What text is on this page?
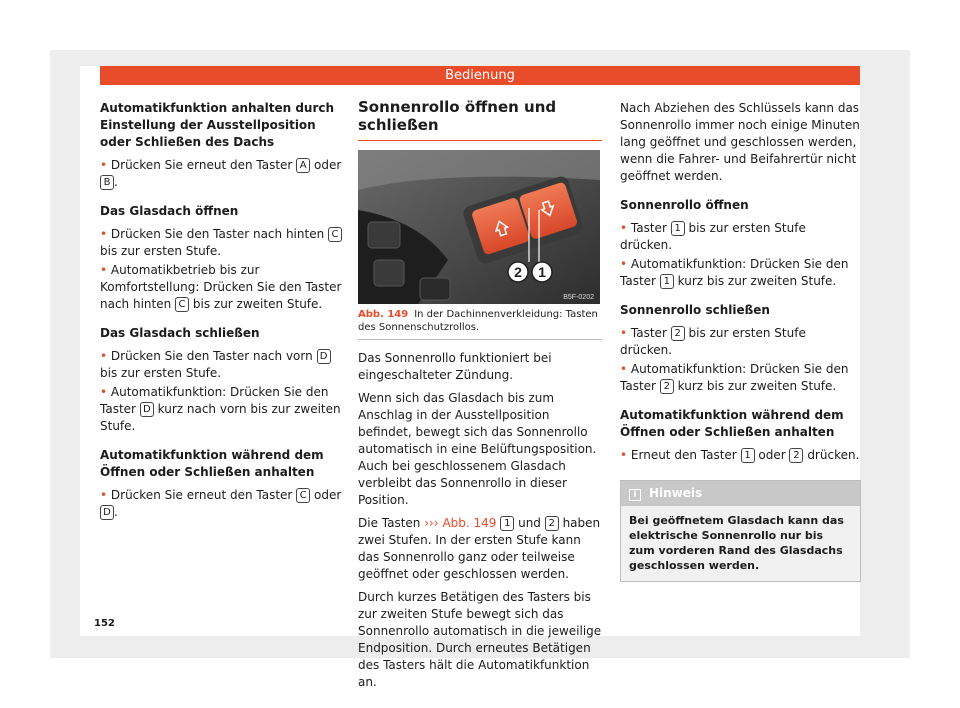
Bedienung
Automatikfunktion anhalten durch Einstellung der Ausstellposition oder Schließen des Dachs
• Drücken Sie erneut den Taster A oder B .
Das Glasdach öffnen
• Drücken Sie den Taster nach hinten C bis zur ersten Stufe.
• Automatikbetrieb bis zur Komfortstellung: Drücken Sie den Taster nach hinten C bis zur zweiten Stufe.
Das Glasdach schließen
• Drücken Sie den Taster nach vorn D bis zur ersten Stufe.
• Automatikfunktion: Drücken Sie den Taster D kurz nach vorn bis zur zweiten Stufe.
Automatikfunktion während dem Öffnen oder Schließen anhalten
• Drücken Sie erneut den Taster C oder D .
Sonnenrollo öffnen und schließen
2 1
B5F-0202
Abb. 149 In der Dachinnenverkleidung: Tasten des Sonnenschutzrollos.
Das Sonnenrollo funktioniert bei eingeschalteter Zündung.
Wenn sich das Glasdach bis zum Anschlag in der Ausstellposition befindet, bewegt sich das Sonnenrollo automatisch in eine Belüftungsposition. Auch bei geschlossenem Glasdach verbleibt das Sonnenrollo in dieser Position.
Die Tasten ››› Abb. 149 1 und 2 haben zwei Stufen. In der ersten Stufe kann das Sonnenrollo ganz oder teilweise geöffnet oder geschlossen werden.
Durch kurzes Betätigen des Tasters bis zur zweiten Stufe bewegt sich das Sonnenrollo automatisch in die jeweilige Endposition. Durch erneutes Betätigen des Tasters hält die Automatikfunktion an.
Nach Abziehen des Schlüssels kann das Sonnenrollo immer noch einige Minuten lang geöffnet und geschlossen werden, wenn die Fahrer- und Beifahrertür nicht geöffnet werden.
Sonnenrollo öffnen
• Taster 1 bis zur ersten Stufe drücken.
• Automatikfunktion: Drücken Sie den Taster 1 kurz bis zur zweiten Stufe.
Sonnenrollo schließen
• Taster 2 bis zur ersten Stufe drücken.
• Automatikfunktion: Drücken Sie den Taster 2 kurz bis zur zweiten Stufe.
Automatikfunktion während dem Öffnen oder Schließen anhalten
• Erneut den Taster 1 oder 2 drücken.
i Hinweis
Bei geöffnetem Glasdach kann das elektrische Sonnenrollo nur bis zum vorderen Rand des Glasdachs geschlossen werden.
152
